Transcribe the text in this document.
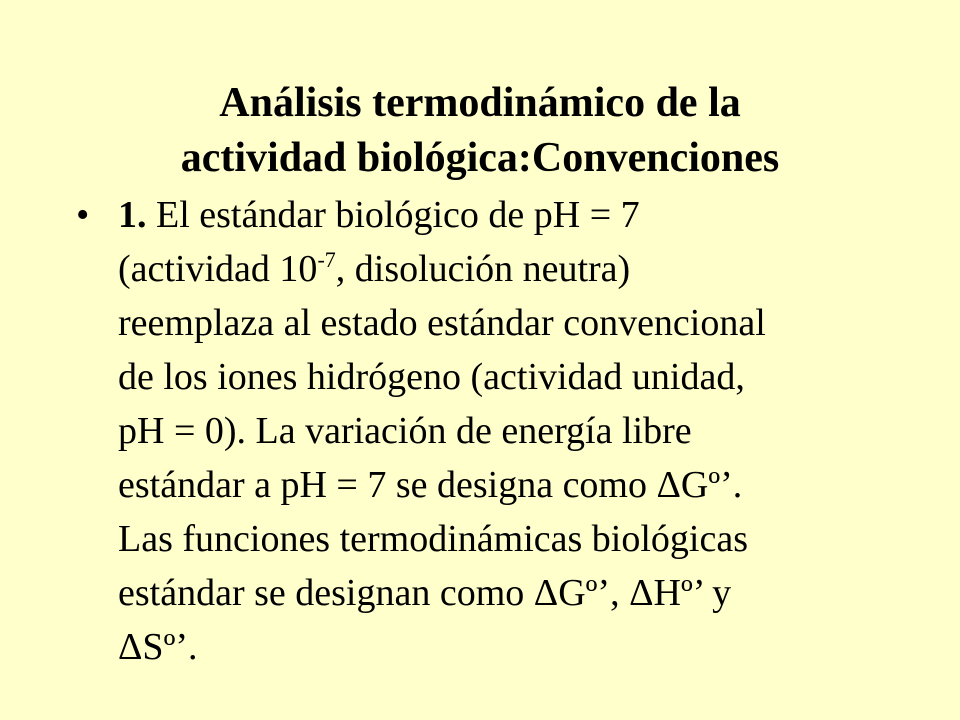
Análisis termodinámico de la
actividad biológica:Convenciones
• 1. El estándar biológico de pH = 7
(actividad $10^{-7}$, disolución neutra)
reemplaza al estado estándar convencional
de los iones hidrógeno (actividad unidad,
pH = 0). La variación de energía libre
estándar a pH = 7 se designa como ΔGº’.
Las funciones termodinámicas biológicas
estándar se designan como ΔGº’, ΔHº’ y
ΔSº’.
